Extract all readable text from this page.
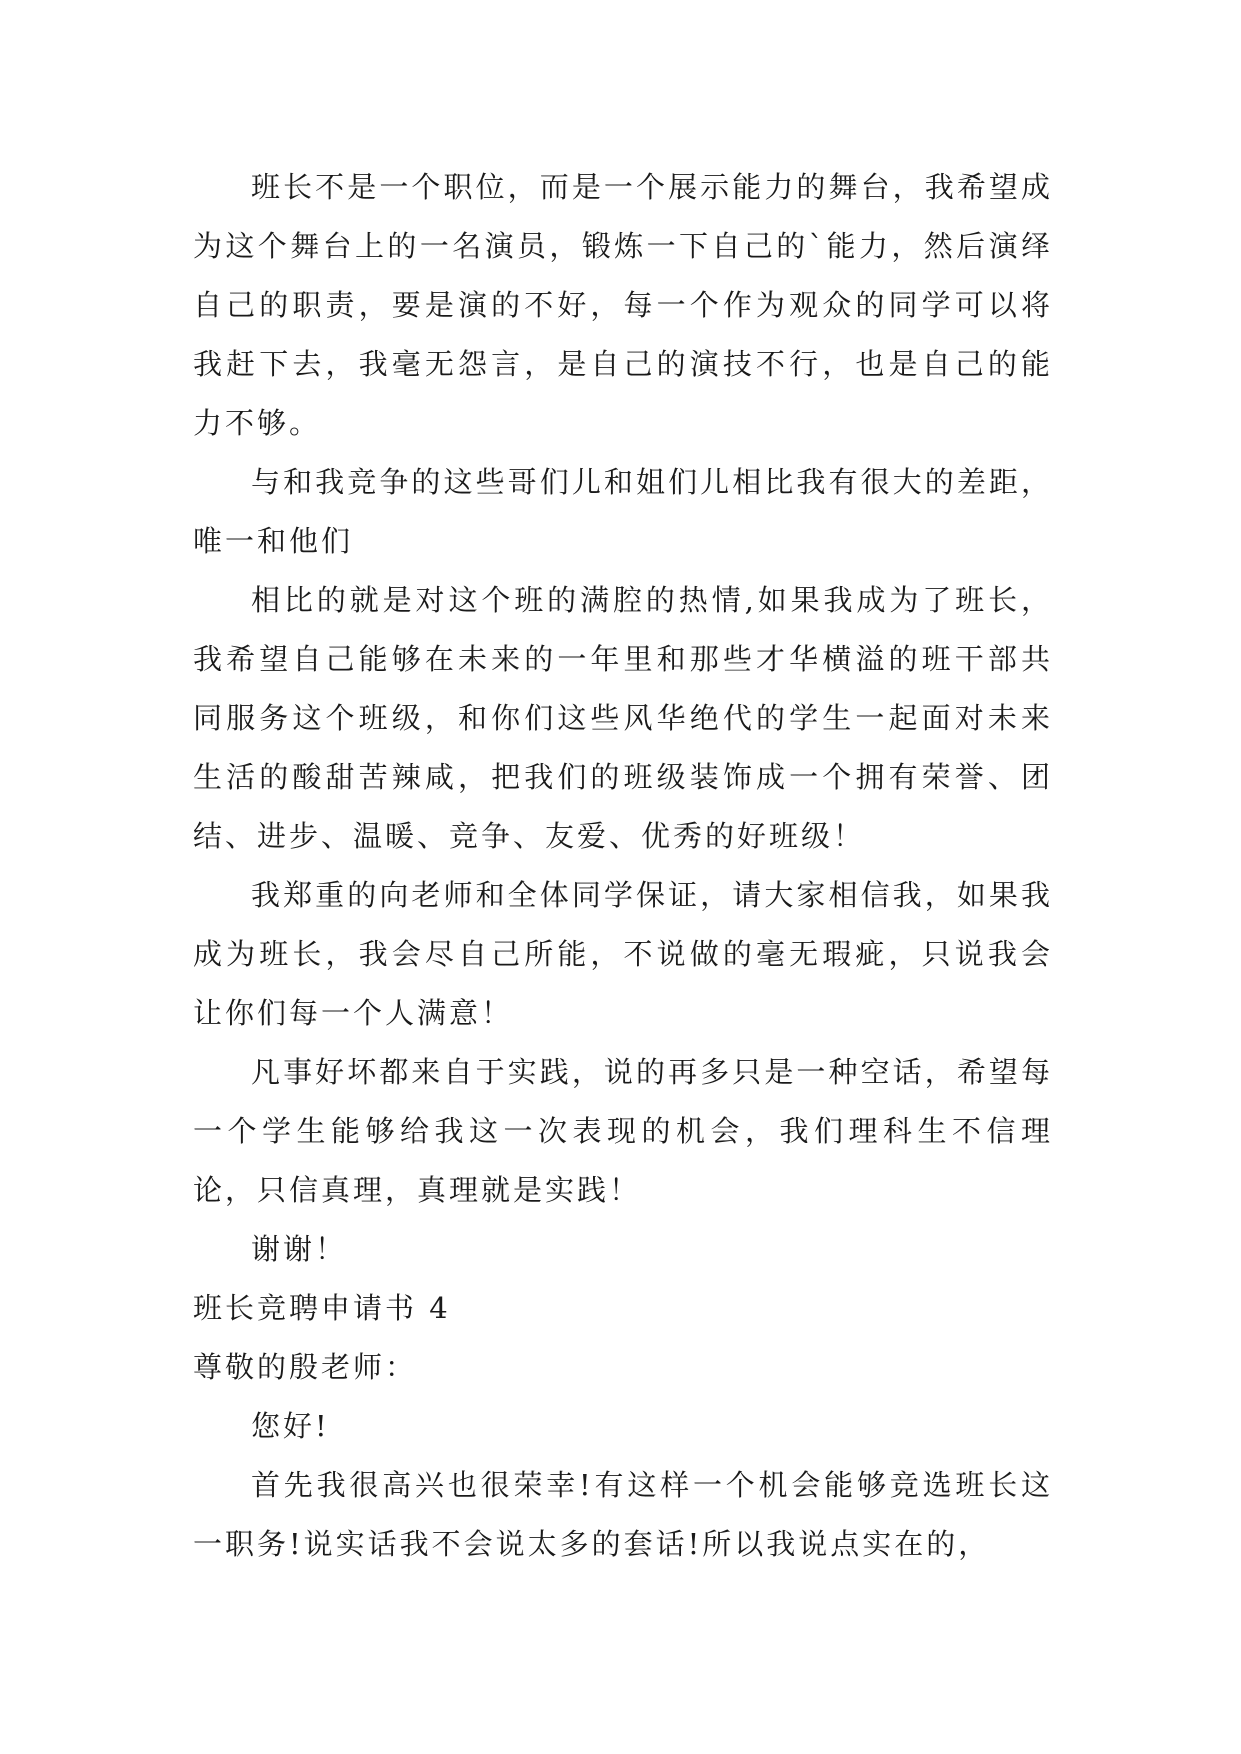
班长不是一个职位，而是一个展示能力的舞台，我希望成为这个舞台上的一名演员，锻炼一下自己的`能力，然后演绎自己的职责，要是演的不好，每一个作为观众的同学可以将我赶下去，我毫无怨言，是自己的演技不行，也是自己的能力不够。

与和我竞争的这些哥们儿和姐们儿相比我有很大的差距，唯一和他们

相比的就是对这个班的满腔的热情,如果我成为了班长，我希望自己能够在未来的一年里和那些才华横溢的班干部共同服务这个班级，和你们这些风华绝代的学生一起面对未来生活的酸甜苦辣咸，把我们的班级装饰成一个拥有荣誉、团结、进步、温暖、竞争、友爱、优秀的好班级！

我郑重的向老师和全体同学保证，请大家相信我，如果我成为班长，我会尽自己所能，不说做的毫无瑕疵，只说我会让你们每一个人满意！

凡事好坏都来自于实践，说的再多只是一种空话，希望每一个学生能够给我这一次表现的机会，我们理科生不信理论，只信真理，真理就是实践！

谢谢！

班长竞聘申请书 4

尊敬的殷老师：

您好!

首先我很高兴也很荣幸!有这样一个机会能够竞选班长这一职务!说实话我不会说太多的套话!所以我说点实在的，
